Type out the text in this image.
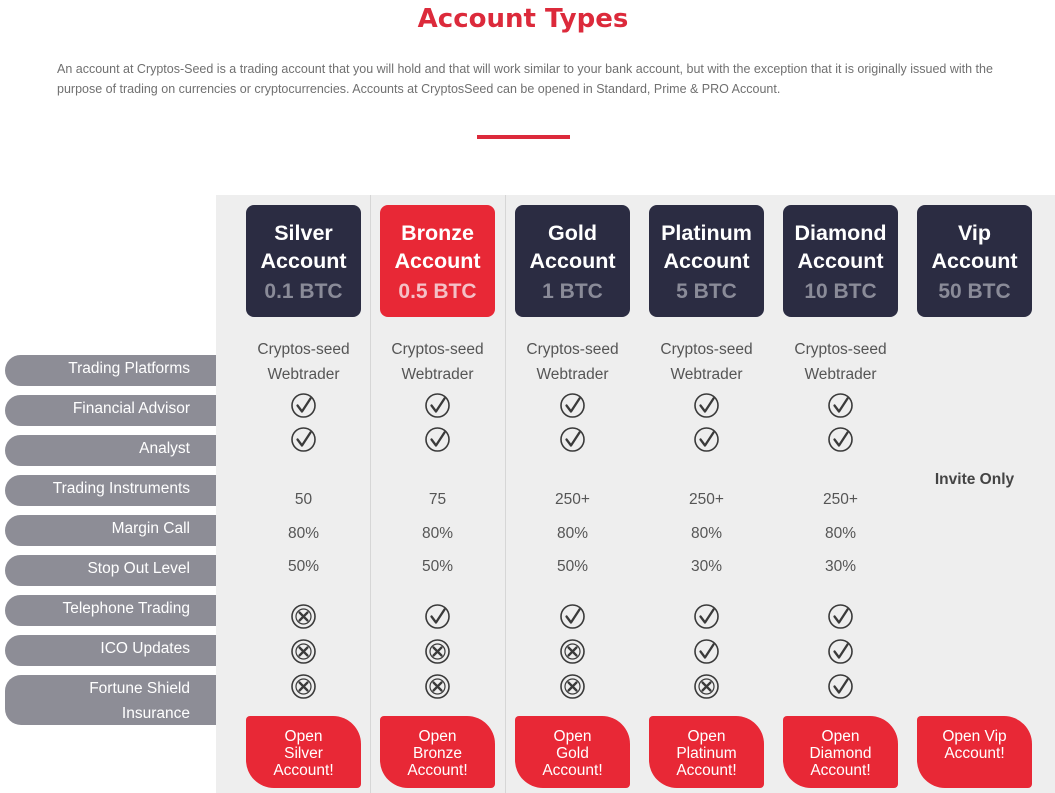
Account Types
An account at Cryptos-Seed is a trading account that you will hold and that will work similar to your bank account, but with the exception that it is originally issued with the purpose of trading on currencies or cryptocurrencies. Accounts at CryptosSeed can be opened in Standard, Prime & PRO Account.
Trading Platforms
Financial Advisor
Analyst
Trading Instruments
Margin Call
Stop Out Level
Telephone Trading
ICO Updates
Fortune Shield
Insurance
Silver
Account
0.1 BTC
Cryptos-seed
Webtrader
50
80%
50%
Open
Silver
Account!
Bronze
Account
0.5 BTC
Cryptos-seed
Webtrader
75
80%
50%
Open
Bronze
Account!
Gold
Account
1 BTC
Cryptos-seed
Webtrader
250+
80%
50%
Open
Gold
Account!
Platinum
Account
5 BTC
Cryptos-seed
Webtrader
250+
80%
30%
Open
Platinum
Account!
Diamond
Account
10 BTC
Cryptos-seed
Webtrader
250+
80%
30%
Open
Diamond
Account!
Vip
Account
50 BTC
Invite Only
Open Vip
Account!
